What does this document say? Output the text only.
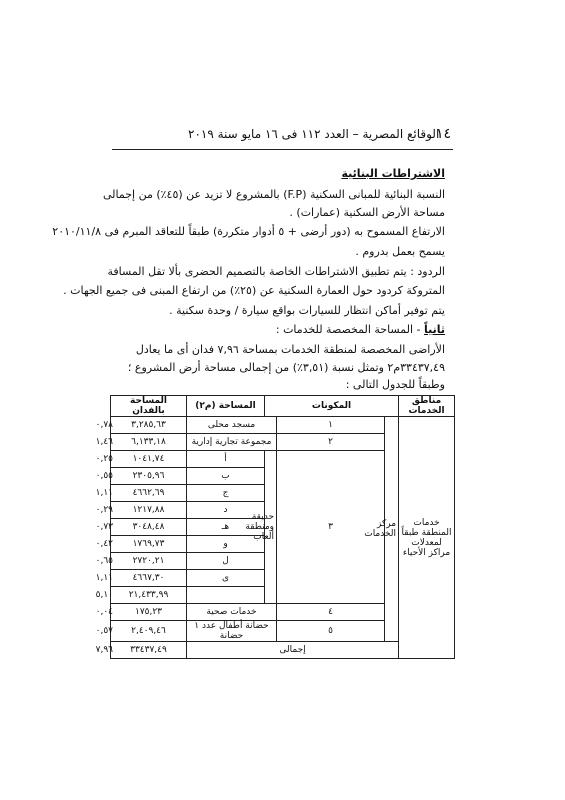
١٤
الوقائع المصرية – العدد ١١٢ فى ١٦ مايو سنة ٢٠١٩
الاشتراطات البنائية
النسبة البنائية للمبانى السكنية (F.P) بالمشروع لا تزيد عن (٤٥٪) من إجمالى
مساحة الأرض السكنية (عمارات) .
الارتفاع المسموح به (دور أرضى + ٥ أدوار متكررة) طبقاً للتعاقد المبرم فى ٢٠١٠/١١/٨
يسمح بعمل بدروم .
الردود : يتم تطبيق الاشتراطات الخاصة بالتصميم الحضرى بألا تقل المسافة
المتروكة كردود حول العمارة السكنية عن (٢٥٪) من ارتفاع المبنى فى جميع الجهات .
يتم توفير أماكن انتظار للسيارات بواقع سيارة / وحدة سكنية .
ثانياً - المساحة المخصصة للخدمات :
الأراضى المخصصة لمنطقة الخدمات بمساحة ٧,٩٦ فدان أى ما يعادل
٣٣٤٣٧,٤٩م٢ وتمثل نسبة (٣,٥١٪) من إجمالى مساحة أرض المشروع ؛
وطبقاً للجدول التالى :
مناطق الخدمات	المكونات			المساحة (م٢)	المساحة بالفدان	
خدمات المنطقة طبقاً لمعدلات مراكز الأحياء	مركز الخدمات	١	مسجد محلى		٣,٢٨٥,٦٣	٠,٧٨
		٢	مجموعة تجارية إدارية		٦,١٣٣,١٨	١,٤٦
		٣	حديقة ومنطقة ألعاب	أ	١٠٤١,٧٤	٠,٢٥
				ب	٢٣٠٥,٩٦	٠,٥٥
				ج	٤٦٦٢,٦٩	١,١١
				د	١٢١٧,٨٨	٠,٢٩
				هـ	٣٠٤٨,٤٨	٠,٧٣
				و	١٧٦٩,٧٣	٠,٤٢
				ل	٢٧٢٠,٢١	٠,٦٥
				ى	٤٦٦٧,٣٠	١,١١
					٢١,٤٣٣,٩٩	٥,١٠
		٤	خدمات صحية		١٧٥,٢٣	٠,٠٤
		٥	حضانة أطفال عدد ١ حضانة		٢,٤٠٩,٤٦	٠,٥٧
	إجمالى				٣٣٤٣٧,٤٩	٧,٩٦
